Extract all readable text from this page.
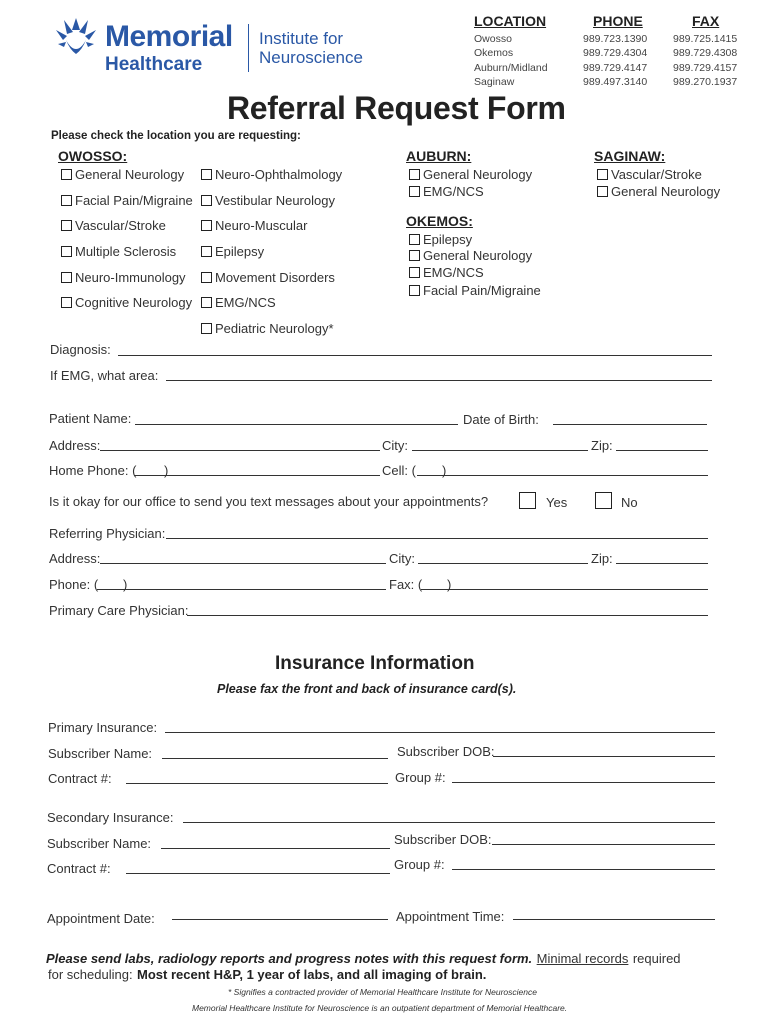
Memorial
Healthcare
Institute for
Neuroscience
LOCATION	PHONE	FAX
Owosso	989.723.1390 989.725.1415
Okemos	989.729.4304 989.729.4308
Auburn/Midland	989.729.4147 989.729.4157
Saginaw	989.497.3140 989.270.1937
Referral Request Form
Please check the location you are requesting:
OWOSSO:
General Neurology
Facial Pain/Migraine
Vascular/Stroke
Multiple Sclerosis
Neuro-Immunology
Cognitive Neurology
Neuro-Ophthalmology
Vestibular Neurology
Neuro-Muscular
Epilepsy
Movement Disorders
EMG/NCS
Pediatric Neurology*
AUBURN:
General Neurology
EMG/NCS
OKEMOS:
Epilepsy
General Neurology
EMG/NCS
Facial Pain/Migraine
SAGINAW:
Vascular/Stroke
General Neurology
Diagnosis:
If EMG, what area:
Patient Name:	Date of Birth:
Address:	City:	Zip:
Home Phone: ( )	Cell: ( )
Is it okay for our office to send you text messages about your appointments?	Yes	No
Referring Physician:
Address:	City:	Zip:
Phone: ( )	Fax: ( )
Primary Care Physician:
Insurance Information
Please fax the front and back of insurance card(s).
Primary Insurance:
Subscriber Name:	Subscriber DOB:
Contract #:	Group #:
Secondary Insurance:
Subscriber Name:	Subscriber DOB:
Contract #:	Group #:
Appointment Date:	Appointment Time:
Please send labs, radiology reports and progress notes with this request form. Minimal records required
for scheduling: Most recent H&P, 1 year of labs, and all imaging of brain.
* Signifies a contracted provider of Memorial Healthcare Institute for Neuroscience
Memorial Healthcare Institute for Neuroscience is an outpatient department of Memorial Healthcare.
